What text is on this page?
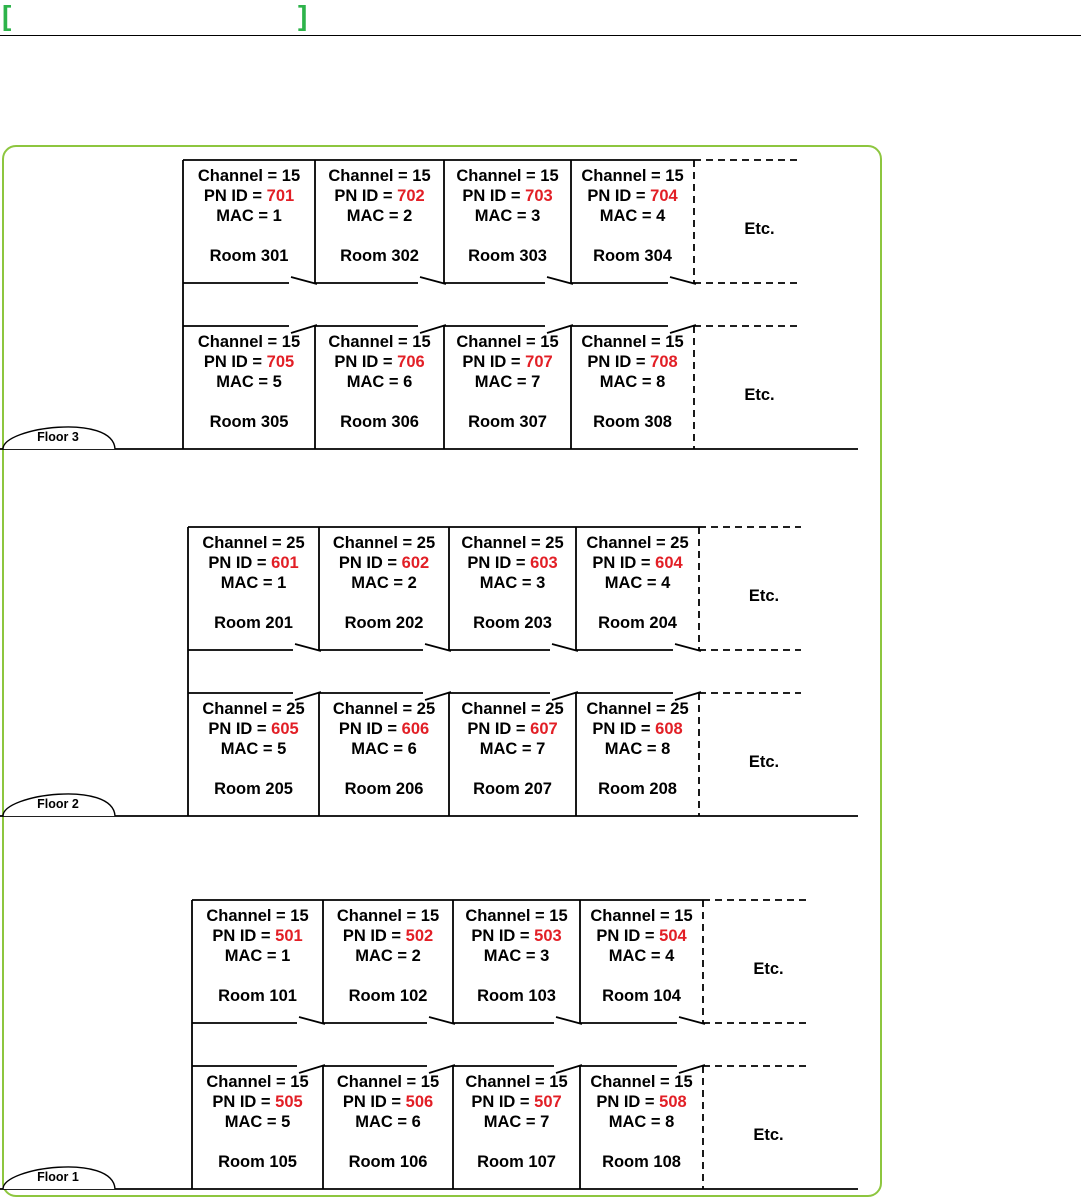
[	]
Floor 3
Channel = 15
PN ID = 701
MAC = 1
Room 301
Channel = 15
PN ID = 702
MAC = 2
Room 302
Channel = 15
PN ID = 703
MAC = 3
Room 303
Channel = 15
PN ID = 704
MAC = 4
Room 304
Channel = 15
PN ID = 705
MAC = 5
Room 305
Channel = 15
PN ID = 706
MAC = 6
Room 306
Channel = 15
PN ID = 707
MAC = 7
Room 307
Channel = 15
PN ID = 708
MAC = 8
Room 308
Etc.
Etc.
Floor 2
Channel = 25
PN ID = 601
MAC = 1
Room 201
Channel = 25
PN ID = 602
MAC = 2
Room 202
Channel = 25
PN ID = 603
MAC = 3
Room 203
Channel = 25
PN ID = 604
MAC = 4
Room 204
Channel = 25
PN ID = 605
MAC = 5
Room 205
Channel = 25
PN ID = 606
MAC = 6
Room 206
Channel = 25
PN ID = 607
MAC = 7
Room 207
Channel = 25
PN ID = 608
MAC = 8
Room 208
Etc.
Etc.
Floor 1
Channel = 15
PN ID = 501
MAC = 1
Room 101
Channel = 15
PN ID = 502
MAC = 2
Room 102
Channel = 15
PN ID = 503
MAC = 3
Room 103
Channel = 15
PN ID = 504
MAC = 4
Room 104
Channel = 15
PN ID = 505
MAC = 5
Room 105
Channel = 15
PN ID = 506
MAC = 6
Room 106
Channel = 15
PN ID = 507
MAC = 7
Room 107
Channel = 15
PN ID = 508
MAC = 8
Room 108
Etc.
Etc.
